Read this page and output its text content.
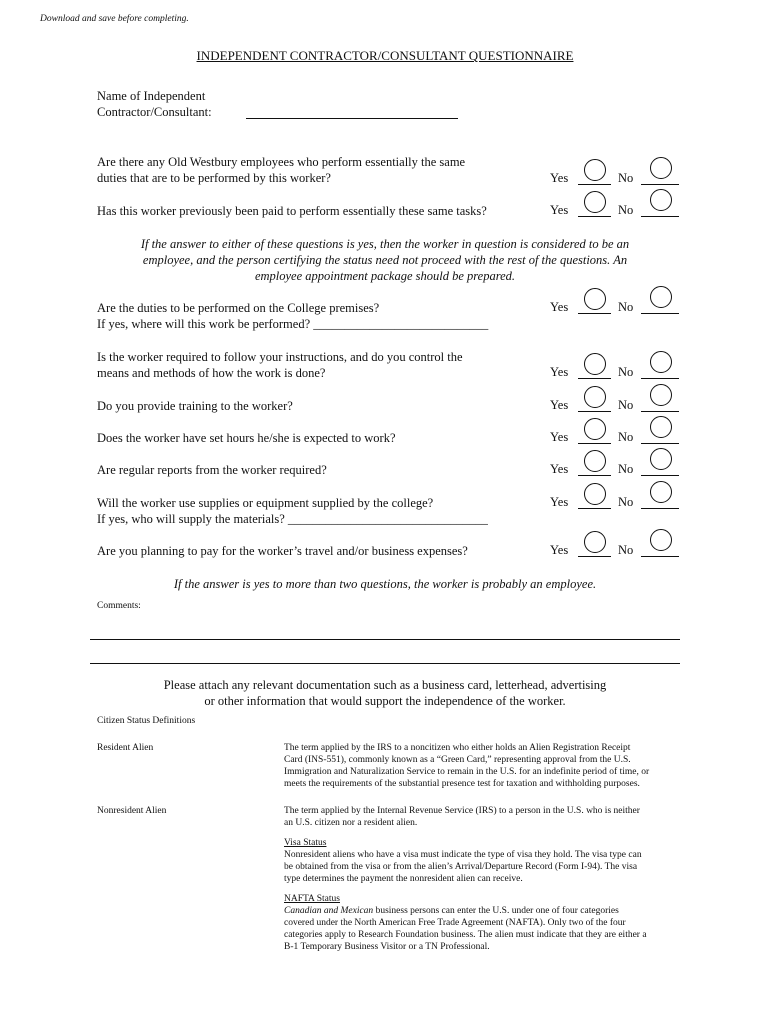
Download and save before completing.
INDEPENDENT CONTRACTOR/CONSULTANT QUESTIONNAIRE
Name of Independent
Contractor/Consultant:
Are there any Old Westbury employees who perform essentially the same
duties that are to be performed by this worker?	Yes	No
Has this worker previously been paid to perform essentially these same tasks?	Yes	No
If the answer to either of these questions is yes, then the worker in question is considered to be an
employee, and the person certifying the status need not proceed with the rest of the questions. An
employee appointment package should be prepared.
Are the duties to be performed on the College premises?
If yes, where will this work be performed? ____________________________
Yes	No
Is the worker required to follow your instructions, and do you control the
means and methods of how the work is done?	Yes	No
Do you provide training to the worker?	Yes	No
Does the worker have set hours he/she is expected to work?	Yes	No
Are regular reports from the worker required?	Yes	No
Will the worker use supplies or equipment supplied by the college?
If yes, who will supply the materials? ________________________________
Yes	No
Are you planning to pay for the worker’s travel and/or business expenses?	Yes	No
If the answer is yes to more than two questions, the worker is probably an employee.
Comments:
Please attach any relevant documentation such as a business card, letterhead, advertising
or other information that would support the independence of the worker.
Citizen Status Definitions
Resident Alien	The term applied by the IRS to a noncitizen who either holds an Alien Registration Receipt
Card (INS-551), commonly known as a “Green Card,” representing approval from the U.S.
Immigration and Naturalization Service to remain in the U.S. for an indefinite period of time, or
meets the requirements of the substantial presence test for taxation and withholding purposes.
Nonresident Alien	The term applied by the Internal Revenue Service (IRS) to a person in the U.S. who is neither
an U.S. citizen nor a resident alien.
Visa Status
Nonresident aliens who have a visa must indicate the type of visa they hold. The visa type can
be obtained from the visa or from the alien’s Arrival/Departure Record (Form I-94). The visa
type determines the payment the nonresident alien can receive.
NAFTA Status
Canadian and Mexican business persons can enter the U.S. under one of four categories
covered under the North American Free Trade Agreement (NAFTA). Only two of the four
categories apply to Research Foundation business. The alien must indicate that they are either a
B-1 Temporary Business Visitor or a TN Professional.
